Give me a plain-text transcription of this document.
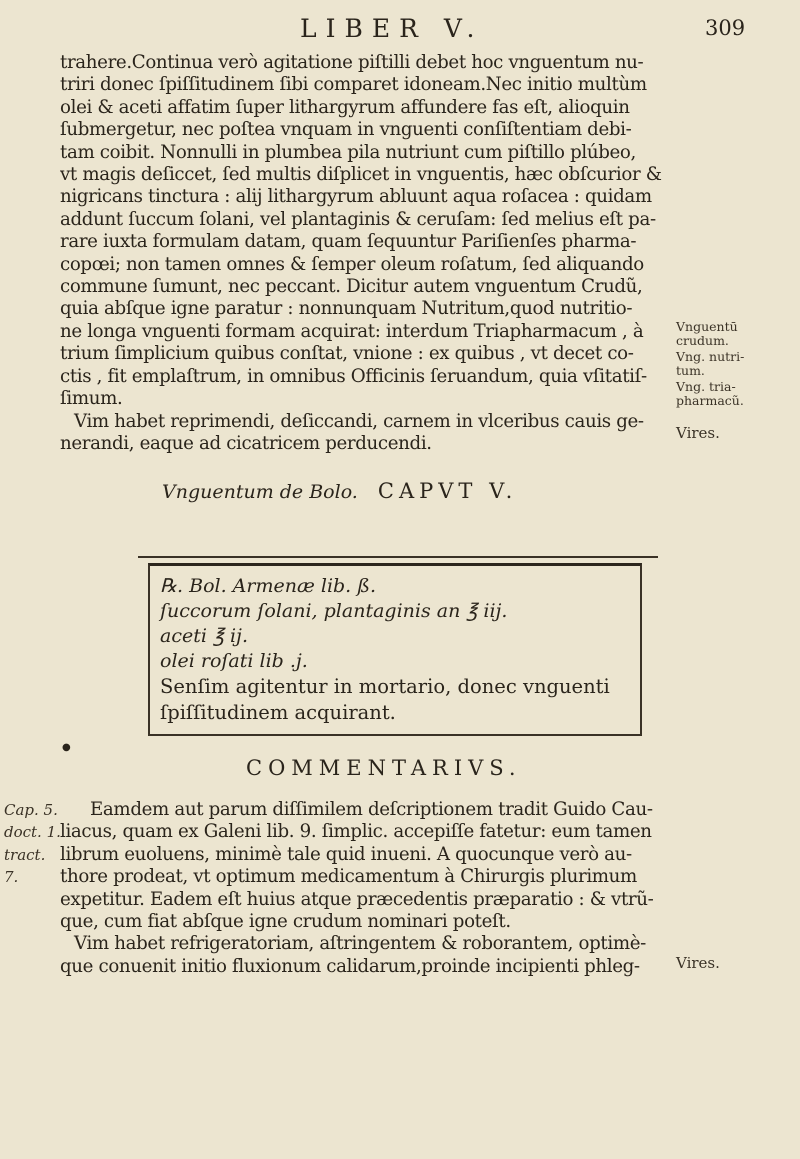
LIBER V.	309

trahere.Continua verò agitatione piſtilli debet hoc vnguentum nu-
triri donec ſpiſſitudinem ſibi comparet idoneam.Nec initio multùm
olei & aceti affatim ſuper lithargyrum affundere fas eſt, alioquin
ſubmergetur, nec poſtea vnquam in vnguenti conſiſtentiam debi-
tam coibit. Nonnulli in plumbea pila nutriunt cum piſtillo plúbeo,
vt magis deſiccet, ſed multis diſplicet in vnguentis, hæc obſcurior &
nigricans tinctura : alij lithargyrum abluunt aqua roſacea : quidam
addunt ſuccum ſolani, vel plantaginis & ceruſam: ſed melius eſt pa-
rare iuxta formulam datam, quam ſequuntur Pariſienſes pharma-
copœi; non tamen omnes & ſemper oleum roſatum, ſed aliquando
commune ſumunt, nec peccant. Dicitur autem vnguentum Crudũ,
quia abſque igne paratur : nonnunquam Nutritum,quod nutritio-
ne longa vnguenti formam acquirat: interdum Triapharmacum , à
trium ſimplicium quibus conſtat, vnione : ex quibus , vt decet co-
ctis , fit emplaſtrum, in omnibus Officinis ſeruandum, quia vſitatiſ-
ſimum.
Vim habet reprimendi, deſiccandi, carnem in vlceribus cauis ge-
nerandi, eaque ad cicatricem perducendi.

Vnguentū
crudum.
Vng. nutri-
tum.
Vng. tria-
pharmacũ.
Vires.
Vnguentum de Bolo. CAPVT V.
℞. Bol. Armenæ lib. ß.
ſuccorum ſolani, plantaginis an ℥ iij.
aceti ℥ ij.
olei roſati lib .j.
Senſim agitentur in mortario, donec vnguenti
ſpiſſitudinem acquirant.
●
COMMENTARIVS.
Cap. 5.
doct. 1.
tract.
7.

Eamdem aut parum diſſimilem deſcriptionem tradit Guido Cau-
liacus, quam ex Galeni lib. 9. ſimplic. accepiſſe fatetur: eum tamen
librum euoluens, minimè tale quid inueni. A quocunque verò au-
thore prodeat, vt optimum medicamentum à Chirurgis plurimum
expetitur. Eadem eſt huius atque præcedentis præparatio : & vtrũ-
que, cum fiat abſque igne crudum nominari poteſt.
Vim habet refrigeratoriam, aſtringentem & roborantem, optimè-
que conuenit initio fluxionum calidarum,proinde incipienti phleg-	Vires.
